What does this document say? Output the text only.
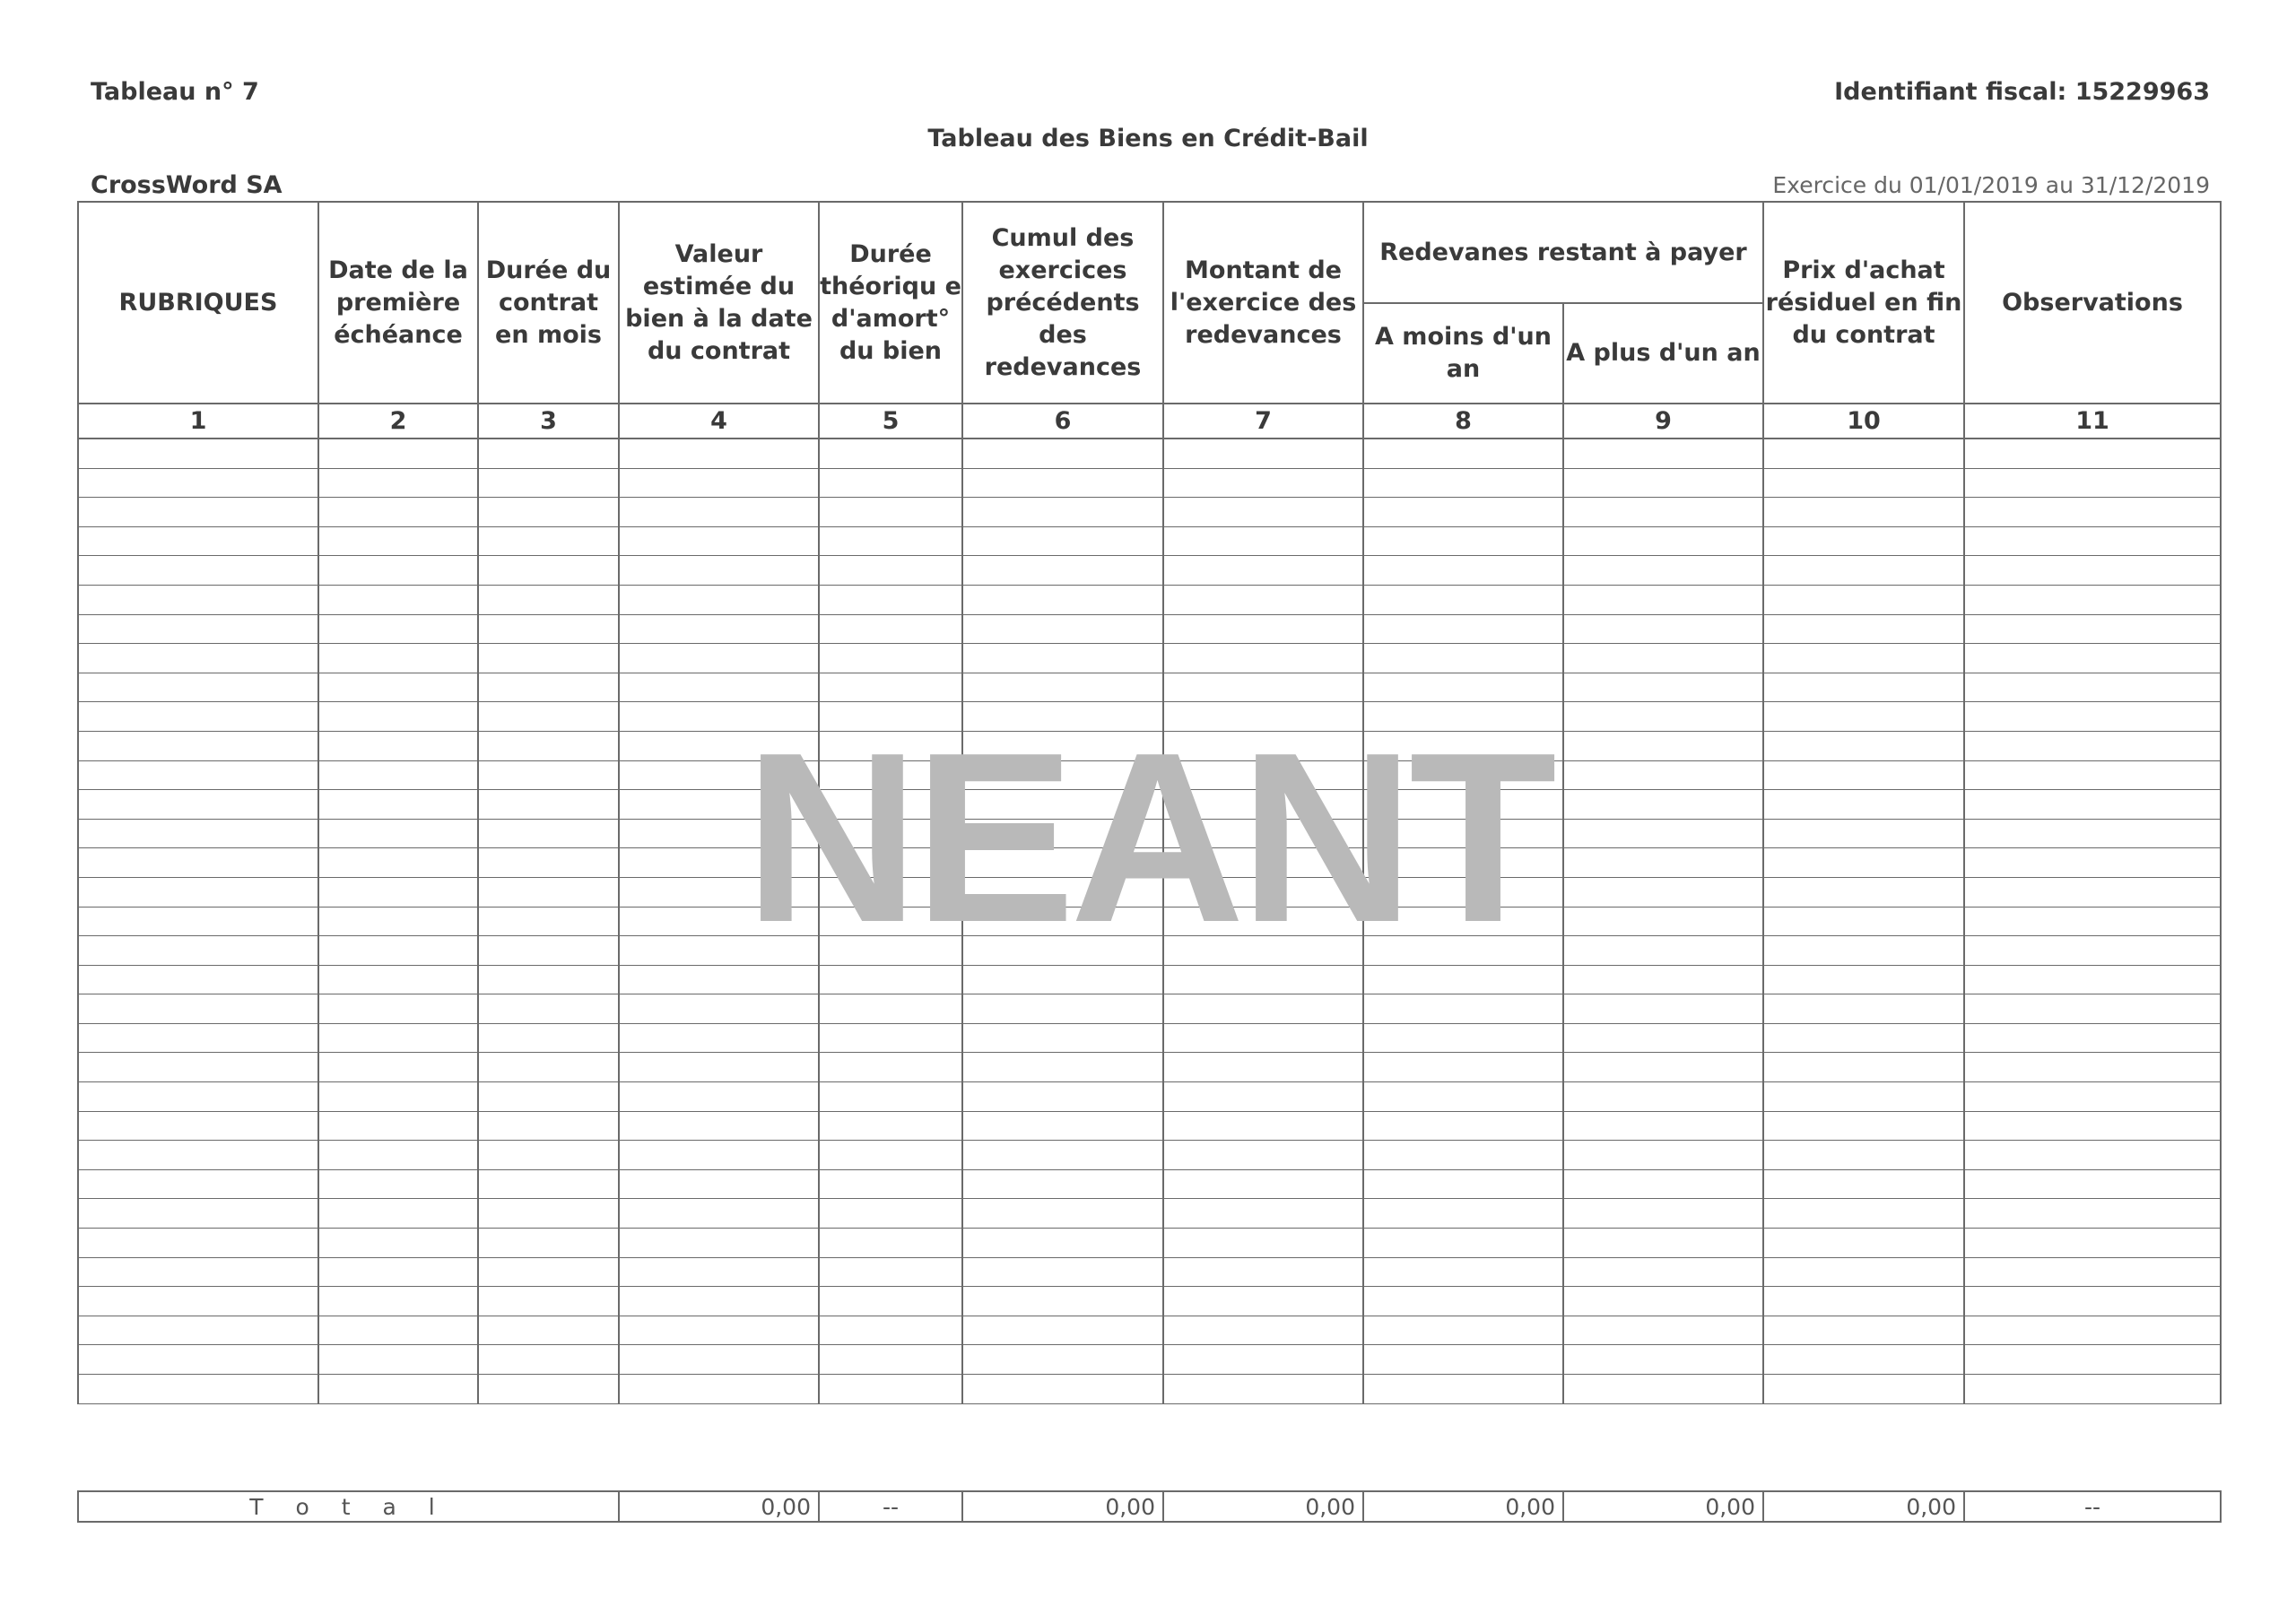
Tableau n° 7	Identifiant fiscal: 15229963
Tableau des Biens en Crédit-Bail
CrossWord SA	Exercice du 01/01/2019 au 31/12/2019
RUBRIQUES	Date de la première échéance	Durée du contrat en mois	Valeur estimée du bien à la date du contrat	Durée théoriqu e d'amort° du bien	Cumul des exercices précédents des redevances	Montant de l'exercice des redevances	Redevanes restant à payer		Prix d'achat résiduel en fin du contrat	Observations
							A moins d'un an	A plus d'un an		
1	2	3	4	5	6	7	8	9	10	11

T o t a l	0,00	--	0,00	0,00	0,00	0,00	0,00	--
NEANT
